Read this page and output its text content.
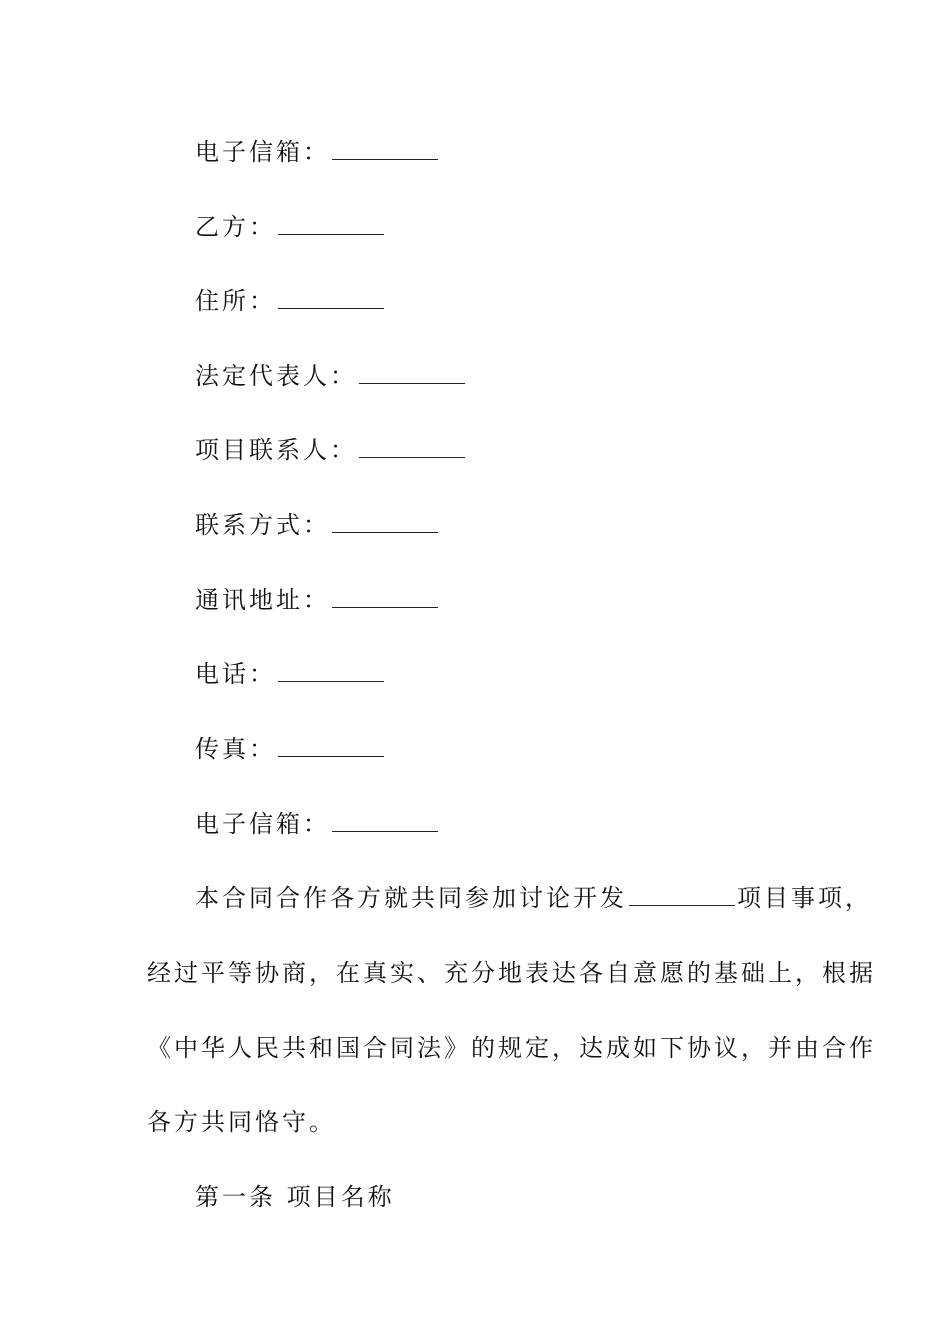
电子信箱：
乙方：
住所：
法定代表人：
项目联系人：
联系方式：
通讯地址：
电话：
传真：
电子信箱：
本合同合作各方就共同参加讨论开发	项目事项，
经过平等协商，在真实、充分地表达各自意愿的基础上，根据
《中华人民共和国合同法》的规定，达成如下协议，并由合作
各方共同恪守。
第一条 项目名称
